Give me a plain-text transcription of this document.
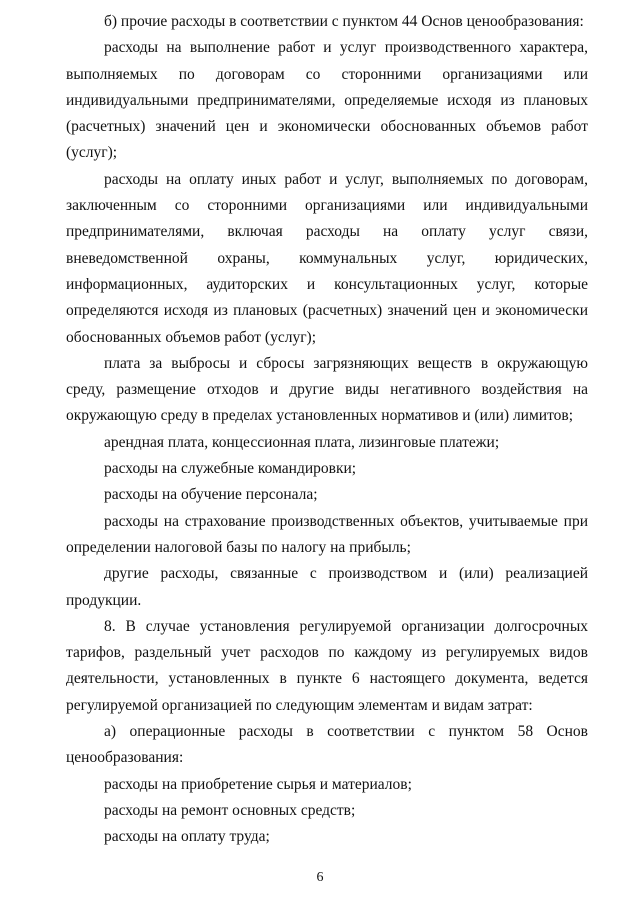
б) прочие расходы в соответствии с пунктом 44 Основ ценообразования:

расходы на выполнение работ и услуг производственного характера, выполняемых по договорам со сторонними организациями или индивидуальными предпринимателями, определяемые исходя из плановых (расчетных) значений цен и экономически обоснованных объемов работ (услуг);

расходы на оплату иных работ и услуг, выполняемых по договорам, заключенным со сторонними организациями или индивидуальными предпринимателями, включая расходы на оплату услуг связи, вневедомственной охраны, коммунальных услуг, юридических, информационных, аудиторских и консультационных услуг, которые определяются исходя из плановых (расчетных) значений цен и экономически обоснованных объемов работ (услуг);

плата за выбросы и сбросы загрязняющих веществ в окружающую среду, размещение отходов и другие виды негативного воздействия на окружающую среду в пределах установленных нормативов и (или) лимитов;

арендная плата, концессионная плата, лизинговые платежи;

расходы на служебные командировки;

расходы на обучение персонала;

расходы на страхование производственных объектов, учитываемые при определении налоговой базы по налогу на прибыль;

другие расходы, связанные с производством и (или) реализацией продукции.

8. В случае установления регулируемой организации долгосрочных тарифов, раздельный учет расходов по каждому из регулируемых видов деятельности, установленных в пункте 6 настоящего документа, ведется регулируемой организацией по следующим элементам и видам затрат:

а) операционные расходы в соответствии с пунктом 58 Основ ценообразования:

расходы на приобретение сырья и материалов;

расходы на ремонт основных средств;

расходы на оплату труда;

6
